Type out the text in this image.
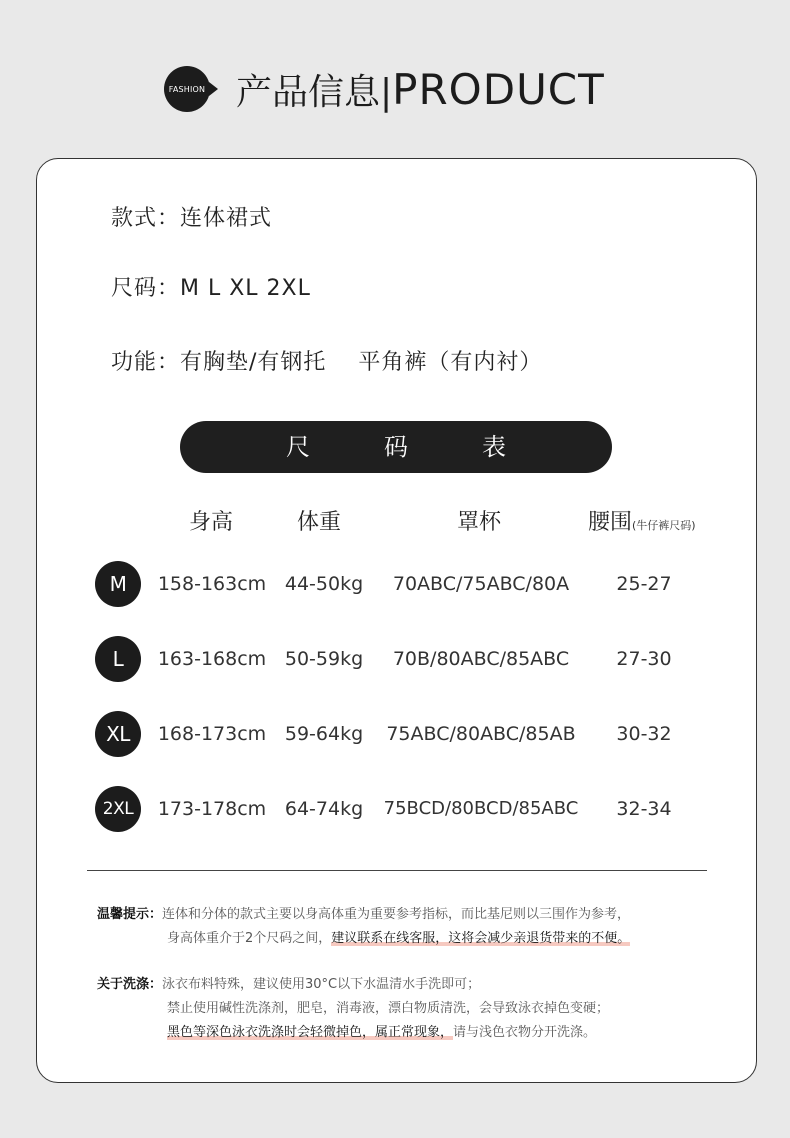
FASHION 产品信息|PRODUCT
款式：连体裙式
尺码：M L XL 2XL
功能：有胸垫/有钢托    平角裤（有内衬）
尺	码	表
身高	体重	罩杯	腰围(牛仔裤尺码)
M	158-163cm 44-50kg	70ABC/75ABC/80A	25-27
L	163-168cm 50-59kg	70B/80ABC/85ABC	27-30
XL	168-173cm 59-64kg	75ABC/80ABC/85AB	30-32
2XL	173-178cm 64-74kg	75BCD/80BCD/85ABC	32-34
温馨提示：连体和分体的款式主要以身高体重为重要参考指标，而比基尼则以三围作为参考，
身高体重介于2个尺码之间，建议联系在线客服，这将会减少亲退货带来的不便。
关于洗涤：泳衣布料特殊，建议使用30°C以下水温清水手洗即可；
禁止使用碱性洗涤剂，肥皂，消毒液，漂白物质清洗，会导致泳衣掉色变硬；
黑色等深色泳衣洗涤时会轻微掉色，属正常现象，请与浅色衣物分开洗涤。
